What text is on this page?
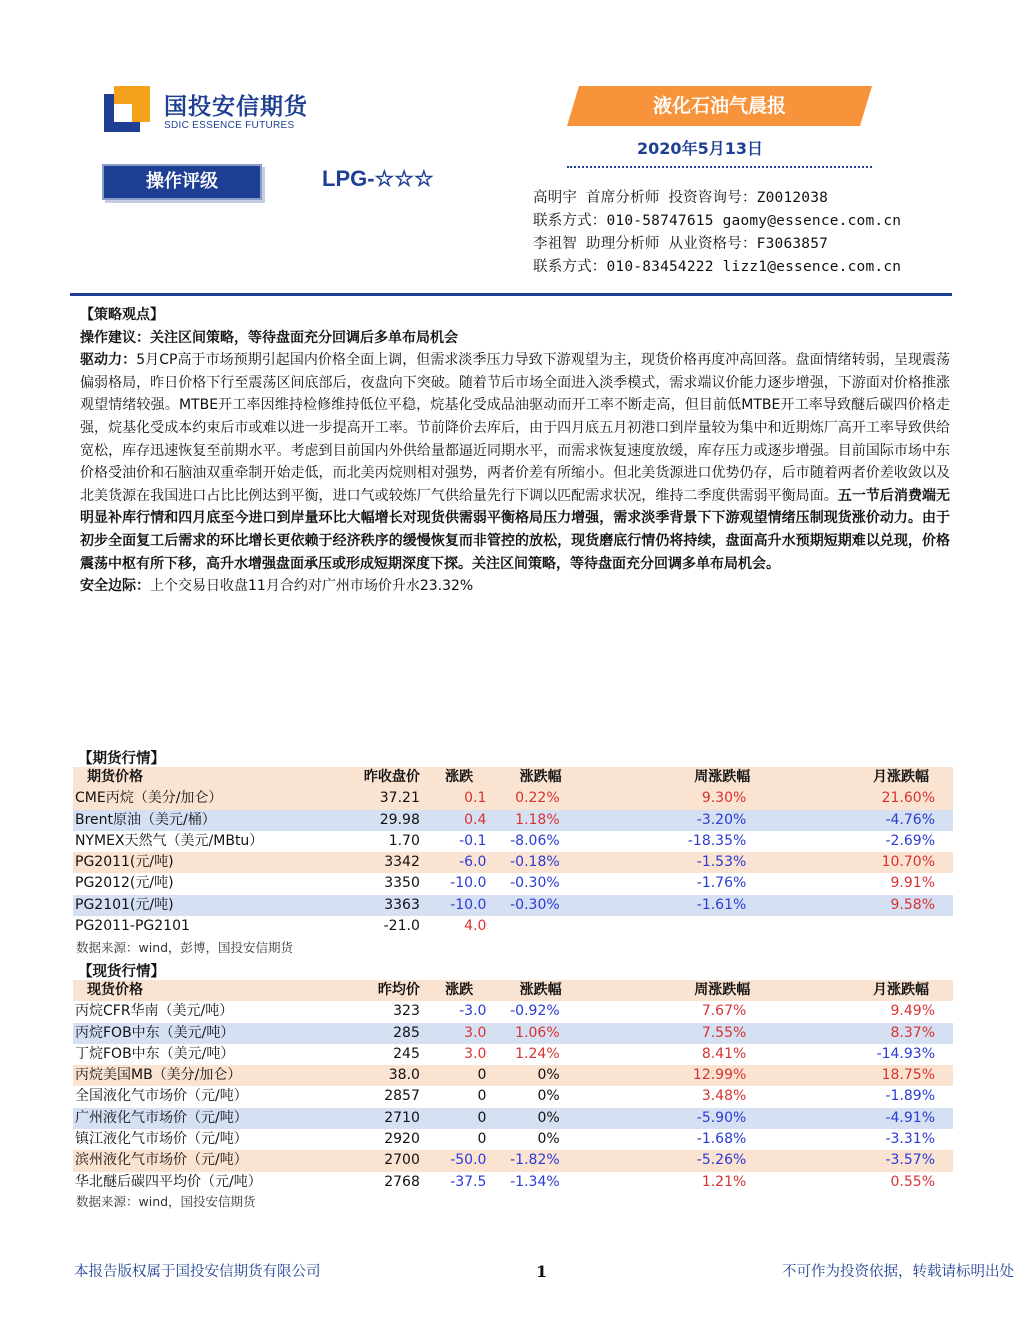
国投安信期货
SDIC ESSENCE FUTURES
液化石油气晨报
2020年5月13日
操作评级	LPG-☆☆☆
高明宇 首席分析师 投资咨询号：Z0012038
联系方式：010-58747615 gaomy@essence.com.cn
李祖智 助理分析师 从业资格号：F3063857
联系方式：010-83454222 lizz1@essence.com.cn
【策略观点】

操作建议：关注区间策略，等待盘面充分回调后多单布局机会

驱动力：5月CP高于市场预期引起国内价格全面上调，但需求淡季压力导致下游观望为主，现货价格再度冲高回落。盘面情绪转弱，呈现震荡偏弱格局，昨日价格下行至震荡区间底部后，夜盘向下突破。随着节后市场全面进入淡季模式，需求端议价能力逐步增强，下游面对价格推涨观望情绪较强。MTBE开工率因维持检修维持低位平稳，烷基化受成品油驱动而开工率不断走高，但目前低MTBE开工率导致醚后碳四价格走强，烷基化受成本约束后市或难以进一步提高开工率。节前降价去库后，由于四月底五月初港口到岸量较为集中和近期炼厂高开工率导致供给宽松，库存迅速恢复至前期水平。考虑到目前国内外供给量都逼近同期水平，而需求恢复速度放缓，库存压力或逐步增强。目前国际市场中东价格受油价和石脑油双重牵制开始走低，而北美丙烷则相对强势，两者价差有所缩小。但北美货源进口优势仍存，后市随着两者价差收敛以及北美货源在我国进口占比比例达到平衡，进口气或较炼厂气供给量先行下调以匹配需求状况，维持二季度供需弱平衡局面。五一节后消费端无明显补库行情和四月底至今进口到岸量环比大幅增长对现货供需弱平衡格局压力增强，需求淡季背景下下游观望情绪压制现货涨价动力。由于初步全面复工后需求的环比增长更依赖于经济秩序的缓慢恢复而非管控的放松，现货磨底行情仍将持续，盘面高升水预期短期难以兑现，价格震荡中枢有所下移，高升水增强盘面承压或形成短期深度下探。关注区间策略，等待盘面充分回调多单布局机会。

安全边际：上个交易日收盘11月合约对广州市场价升水23.32%

【期货行情】
期货价格	昨收盘价	涨跌	涨跌幅	周涨跌幅	月涨跌幅
CME丙烷（美分/加仑）	37.21	0.1	0.22%	9.30%	21.60%
Brent原油（美元/桶）	29.98	0.4	1.18%	-3.20%	-4.76%
NYMEX天然气（美元/MBtu）	1.70	-0.1	-8.06%	-18.35%	-2.69%
PG2011(元/吨)	3342	-6.0	-0.18%	-1.53%	10.70%
PG2012(元/吨)	3350	-10.0	-0.30%	-1.76%	9.91%
PG2101(元/吨)	3363	-10.0	-0.30%	-1.61%	9.58%
PG2011-PG2101	-21.0	4.0			
数据来源：wind，彭博，国投安信期货
【现货行情】
现货价格	昨均价	涨跌	涨跌幅	周涨跌幅	月涨跌幅
丙烷CFR华南（美元/吨）	323	-3.0	-0.92%	7.67%	9.49%
丙烷FOB中东（美元/吨）	285	3.0	1.06%	7.55%	8.37%
丁烷FOB中东（美元/吨）	245	3.0	1.24%	8.41%	-14.93%
丙烷美国MB（美分/加仑）	38.0	0	0%	12.99%	18.75%
全国液化气市场价（元/吨）	2857	0	0%	3.48%	-1.89%
广州液化气市场价（元/吨）	2710	0	0%	-5.90%	-4.91%
镇江液化气市场价（元/吨）	2920	0	0%	-1.68%	-3.31%
滨州液化气市场价（元/吨）	2700	-50.0	-1.82%	-5.26%	-3.57%
华北醚后碳四平均价（元/吨）	2768	-37.5	-1.34%	1.21%	0.55%
数据来源：wind，国投安信期货
本报告版权属于国投安信期货有限公司	1	不可作为投资依据，转载请标明出处
